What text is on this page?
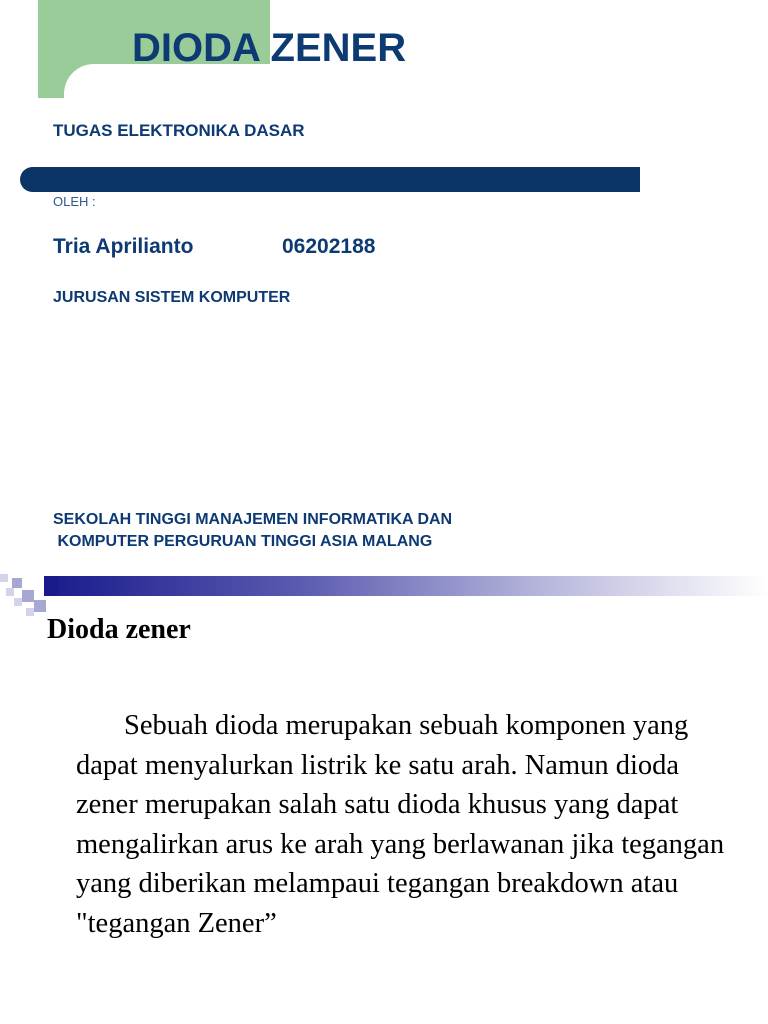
DIODA ZENER
TUGAS ELEKTRONIKA DASAR
OLEH :
Tria Aprilianto	06202188
JURUSAN SISTEM KOMPUTER
SEKOLAH TINGGI MANAJEMEN INFORMATIKA DAN
KOMPUTER PERGURUAN TINGGI ASIA MALANG
Dioda zener

Sebuah dioda merupakan sebuah komponen yang dapat menyalurkan listrik ke satu arah. Namun dioda zener merupakan salah satu dioda khusus yang dapat mengalirkan arus ke arah yang berlawanan jika tegangan yang diberikan melampaui tegangan breakdown atau "tegangan Zener”
